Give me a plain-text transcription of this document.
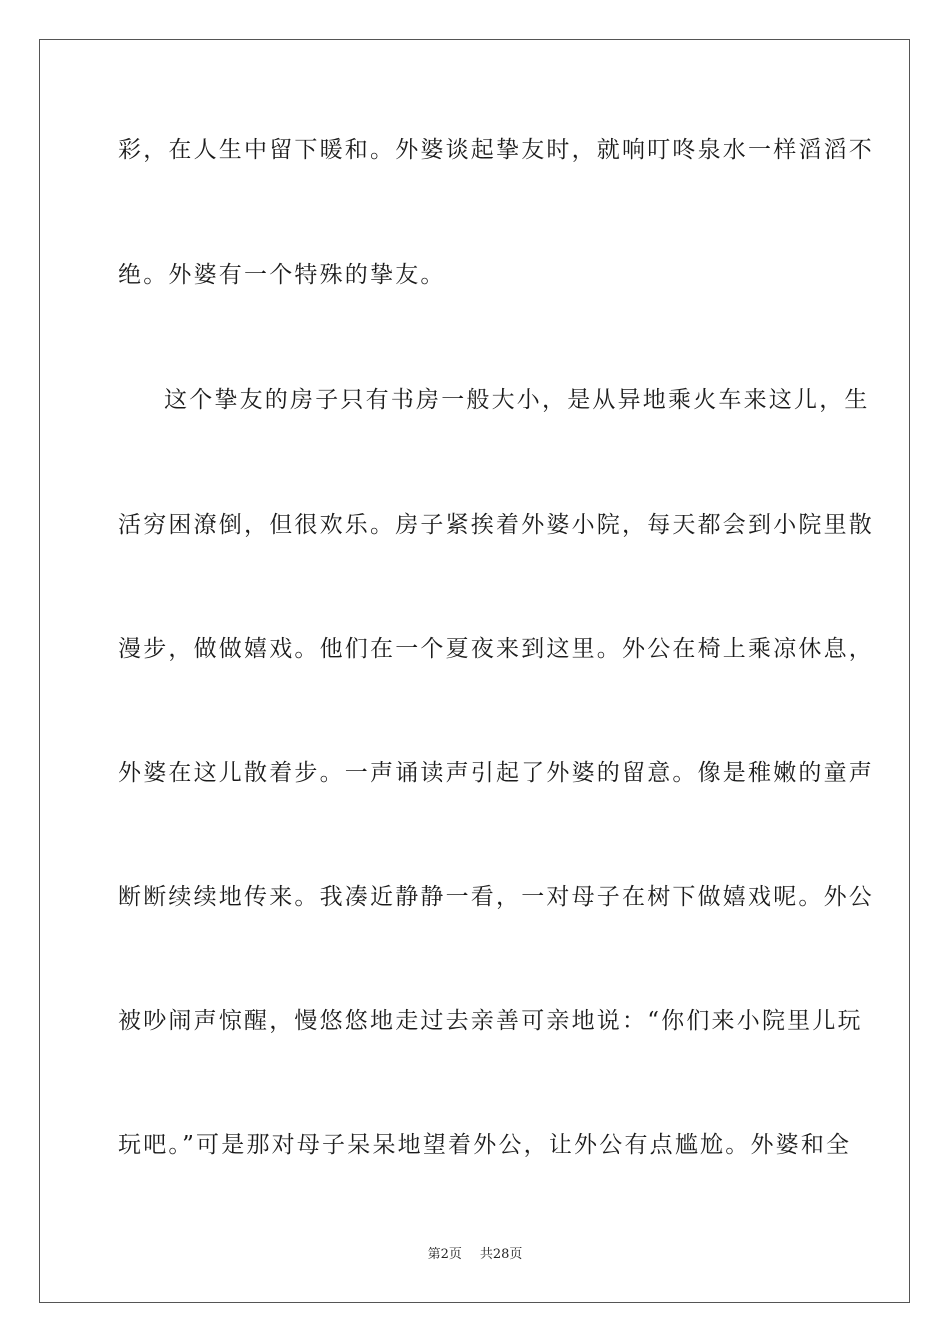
彩，在人生中留下暖和。外婆谈起挚友时，就响叮咚泉水一样滔滔不
绝。外婆有一个特殊的挚友。
这个挚友的房子只有书房一般大小，是从异地乘火车来这儿，生
活穷困潦倒，但很欢乐。房子紧挨着外婆小院，每天都会到小院里散
漫步，做做嬉戏。他们在一个夏夜来到这里。外公在椅上乘凉休息，
外婆在这儿散着步。一声诵读声引起了外婆的留意。像是稚嫩的童声
断断续续地传来。我凑近静静一看，一对母子在树下做嬉戏呢。外公
被吵闹声惊醒，慢悠悠地走过去亲善可亲地说：“你们来小院里儿玩
玩吧。”可是那对母子呆呆地望着外公，让外公有点尴尬。外婆和全
第2页 共28页
